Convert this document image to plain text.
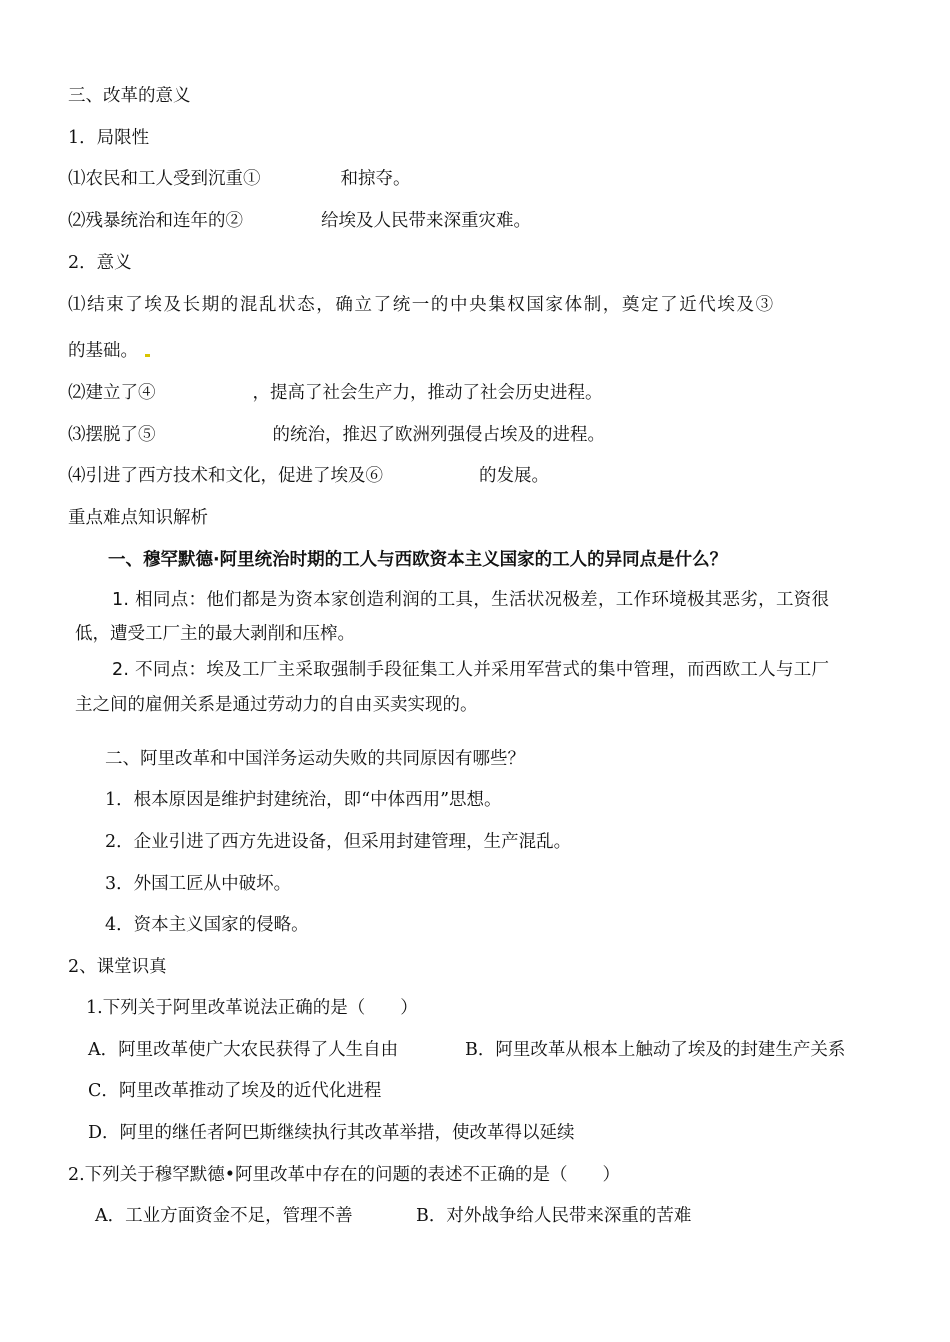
三、改革的意义
1．局限性
⑴农民和工人受到沉重①	和掠夺。
⑵残暴统治和连年的②	给埃及人民带来深重灾难。
2．意义
⑴结束了埃及长期的混乱状态，确立了统一的中央集权国家体制，奠定了近代埃及③
的基础。
⑵建立了④	，提高了社会生产力，推动了社会历史进程。
⑶摆脱了⑤	的统治，推迟了欧洲列强侵占埃及的进程。
⑷引进了西方技术和文化，促进了埃及⑥	的发展。
重点难点知识解析
一、穆罕默德·阿里统治时期的工人与西欧资本主义国家的工人的异同点是什么？
1. 相同点：他们都是为资本家创造利润的工具，生活状况极差，工作环境极其恶劣，工资很
低，遭受工厂主的最大剥削和压榨。
2. 不同点：埃及工厂主采取强制手段征集工人并采用军营式的集中管理，而西欧工人与工厂
主之间的雇佣关系是通过劳动力的自由买卖实现的。
二、阿里改革和中国洋务运动失败的共同原因有哪些？
1．根本原因是维护封建统治，即“中体西用”思想。
2．企业引进了西方先进设备，但采用封建管理，生产混乱。
3．外国工匠从中破坏。
4．资本主义国家的侵略。
2、课堂识真
1.下列关于阿里改革说法正确的是（　　）
A．阿里改革使广大农民获得了人生自由	B．阿里改革从根本上触动了埃及的封建生产关系
C．阿里改革推动了埃及的近代化进程
D．阿里的继任者阿巴斯继续执行其改革举措，使改革得以延续
2.下列关于穆罕默德•阿里改革中存在的问题的表述不正确的是（　　）
A．工业方面资金不足，管理不善	B．对外战争给人民带来深重的苦难
